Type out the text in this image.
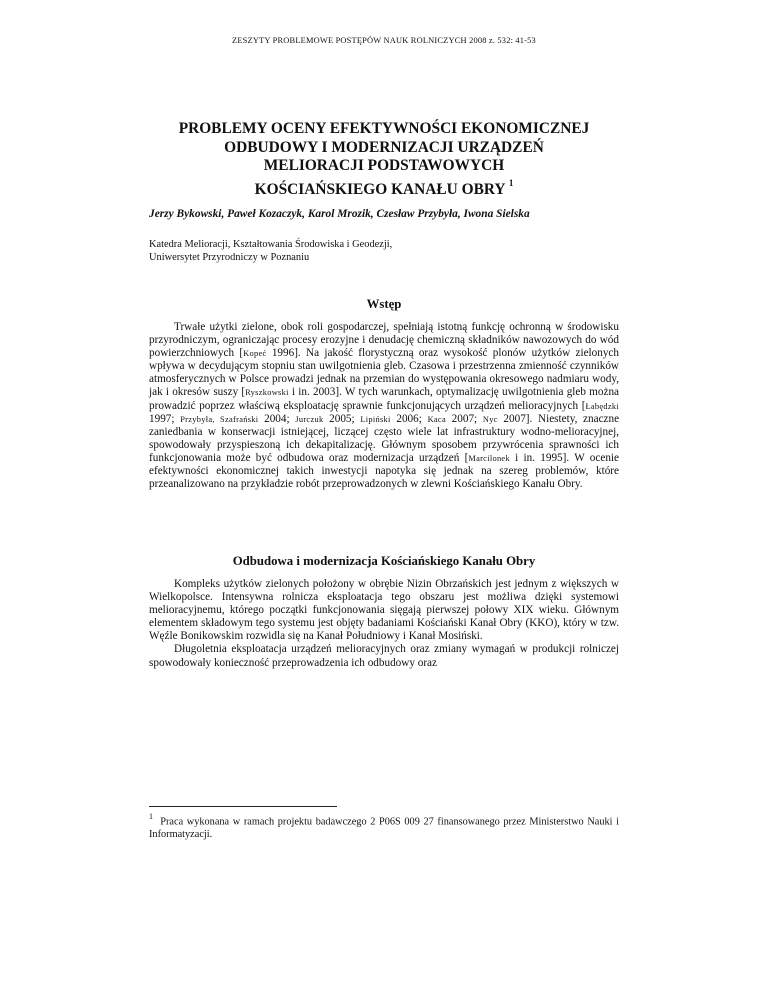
ZESZYTY PROBLEMOWE POSTĘPÓW NAUK ROLNICZYCH 2008 z. 532: 41-53
PROBLEMY OCENY EFEKTYWNOŚCI EKONOMICZNEJ
ODBUDOWY I MODERNIZACJI URZĄDZEŃ
MELIORACJI PODSTAWOWYCH
KOŚCIAŃSKIEGO KANAŁU OBRY $^1$
Jerzy Bykowski, Paweł Kozaczyk, Karol Mrozik, Czesław Przybyła, Iwona Sielska
Katedra Melioracji, Kształtowania Środowiska i Geodezji,
Uniwersytet Przyrodniczy w Poznaniu
Wstęp

Trwałe użytki zielone, obok roli gospodarczej, spełniają istotną funkcję ochronną w środowisku przyrodniczym, ograniczając procesy erozyjne i denudację chemiczną składników nawozowych do wód powierzchniowych [Kopeć 1996]. Na jakość florystyczną oraz wysokość plonów użytków zielonych wpływa w decydującym stopniu stan uwilgotnienia gleb. Czasowa i przestrzenna zmienność czynników atmosferycznych w Polsce prowadzi jednak na przemian do występowania okresowego nadmiaru wody, jak i okresów suszy [Ryszkowski i in. 2003]. W tych warunkach, optymalizację uwilgotnienia gleb można prowadzić poprzez właściwą eksploatację sprawnie funkcjonujących urządzeń melioracyjnych [Łabędzki 1997; Przybyła, Szafrański 2004; Jurczuk 2005; Lipiński 2006; Kaca 2007; Nyc 2007]. Niestety, znaczne zaniedbania w konserwacji istniejącej, liczącej często wiele lat infrastruktury wodno-melioracyjnej, spowodowały przyspieszoną ich dekapitalizację. Głównym sposobem przywrócenia sprawności ich funkcjonowania może być odbudowa oraz modernizacja urządzeń [Marcilonek i in. 1995]. W ocenie efektywności ekonomicznej takich inwestycji napotyka się jednak na szereg problemów, które przeanalizowano na przykładzie robót przeprowadzonych w zlewni Kościańskiego Kanału Obry.

Odbudowa i modernizacja Kościańskiego Kanału Obry

Kompleks użytków zielonych położony w obrębie Nizin Obrzańskich jest jednym z większych w Wielkopolsce. Intensywna rolnicza eksploatacja tego obszaru jest możliwa dzięki systemowi melioracyjnemu, którego początki funkcjonowania sięgają pierwszej połowy XIX wieku. Głównym elementem składowym tego systemu jest objęty badaniami Kościański Kanał Obry (KKO), który w tzw. Węźle Bonikowskim rozwidla się na Kanał Południowy i Kanał Mosiński.

Długoletnia eksploatacja urządzeń melioracyjnych oraz zmiany wymagań w produkcji rolniczej spowodowały konieczność przeprowadzenia ich odbudowy oraz

$^1$ Praca wykonana w ramach projektu badawczego 2 P06S 009 27 finansowanego przez Ministerstwo Nauki i Informatyzacji.
